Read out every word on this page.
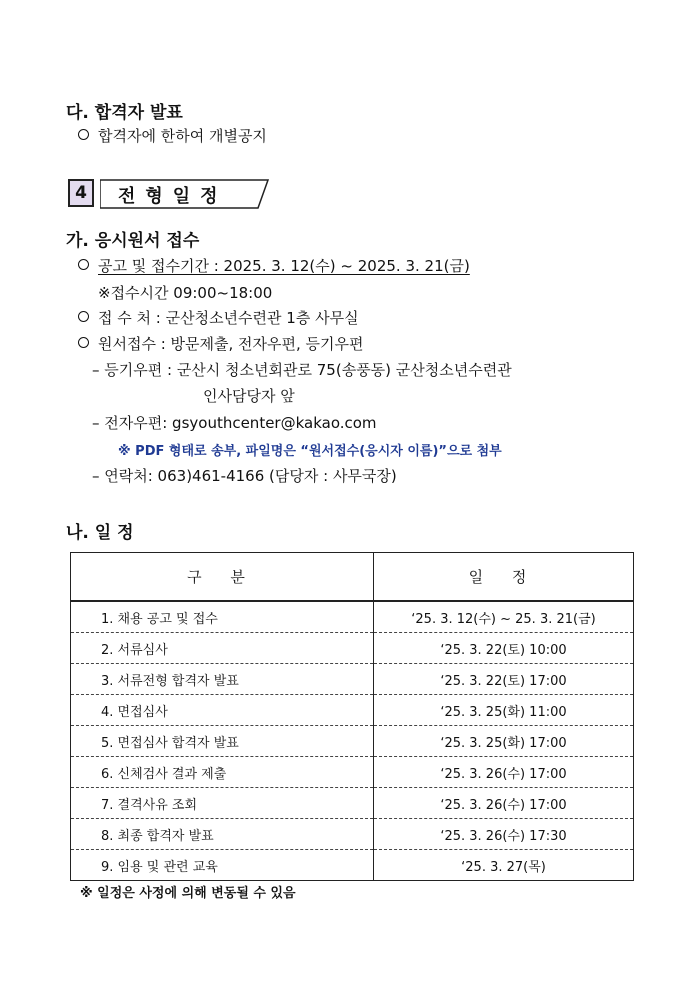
다. 합격자 발표
합격자에 한하여 개별공지
4	전형일정
가. 응시원서 접수
공고 및 접수기간 : 2025. 3. 12(수) ~ 2025. 3. 21(금)
※접수시간 09:00~18:00
접 수 처 : 군산청소년수련관 1층 사무실
원서접수 : 방문제출, 전자우편, 등기우편
– 등기우편 : 군산시 청소년회관로 75(송풍동) 군산청소년수련관
인사담당자 앞
– 전자우편: gsyouthcenter@kakao.com
※ PDF 형태로 송부, 파일명은 “원서접수(응시자 이름)”으로 첨부
– 연락처: 063)461-4166 (담당자 : 사무국장)
나. 일 정
구 분	일 정
1. 채용 공고 및 접수	‘25. 3. 12(수) ~ 25. 3. 21(금)
2. 서류심사	‘25. 3. 22(토) 10:00
3. 서류전형 합격자 발표	‘25. 3. 22(토) 17:00
4. 면접심사	‘25. 3. 25(화) 11:00
5. 면접심사 합격자 발표	‘25. 3. 25(화) 17:00
6. 신체검사 결과 제출	‘25. 3. 26(수) 17:00
7. 결격사유 조회	‘25. 3. 26(수) 17:00
8. 최종 합격자 발표	‘25. 3. 26(수) 17:30
9. 임용 및 관련 교육	‘25. 3. 27(목)
※ 일정은 사정에 의해 변동될 수 있음
